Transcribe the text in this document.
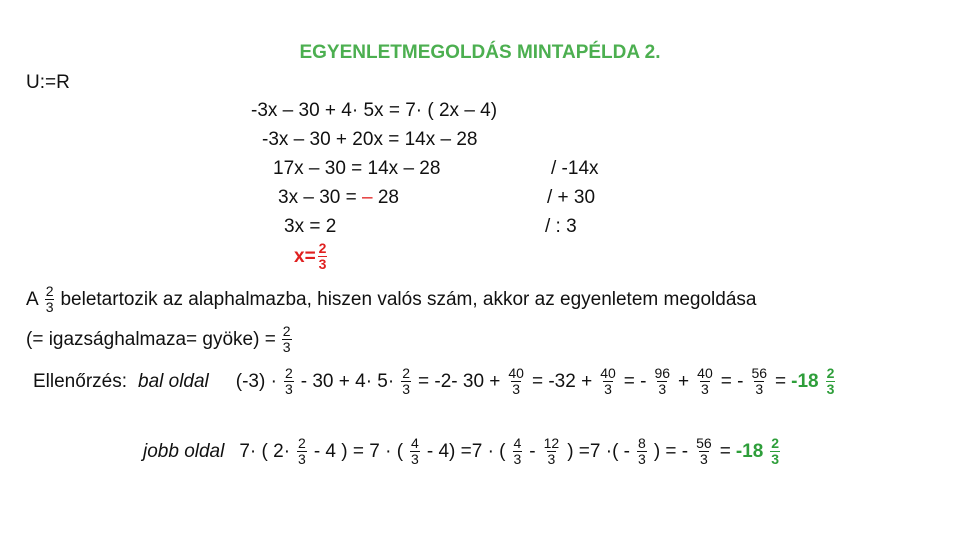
EGYENLETMEGOLDÁS MINTAPÉLDA 2.
U:=R
-3x – 30 + 4· 5x = 7· ( 2x – 4)
-3x – 30 + 20x = 14x – 28
17x – 30 = 14x – 28	/ -14x
3x – 30 = – 28	/ + 30
3x = 2	/ : 3
$x= \frac{2}{3}$
A $\frac{2}{3}$ beletartozik az alaphalmazba, hiszen valós szám, akkor az egyenletem megoldása
(= igazsághalmaza= gyöke) = $\frac{2}{3}$
Ellenőrzés: bal oldal $(-3) \cdot \frac{2}{3} - 30 + 4\cdot 5\cdot \frac{2}{3} = -2-$ $30 + \frac{40}{3} = -32 + \frac{40}{3}$ = - $\frac{96}{3} + \frac{40}{3}$ = - $\frac{56}{3} = -18 \frac{2}{3}$
jobb oldal 7· ( $2\cdot \frac{2}{3} - 4$ ) = 7 · ( $\frac{4}{3} - 4) =7$ · ( $\frac{4}{3} - \frac{12}{3}$ ) =7 ·( - $\frac{8}{3}$ ) = - $\frac{56}{3} = -18 \frac{2}{3}$
